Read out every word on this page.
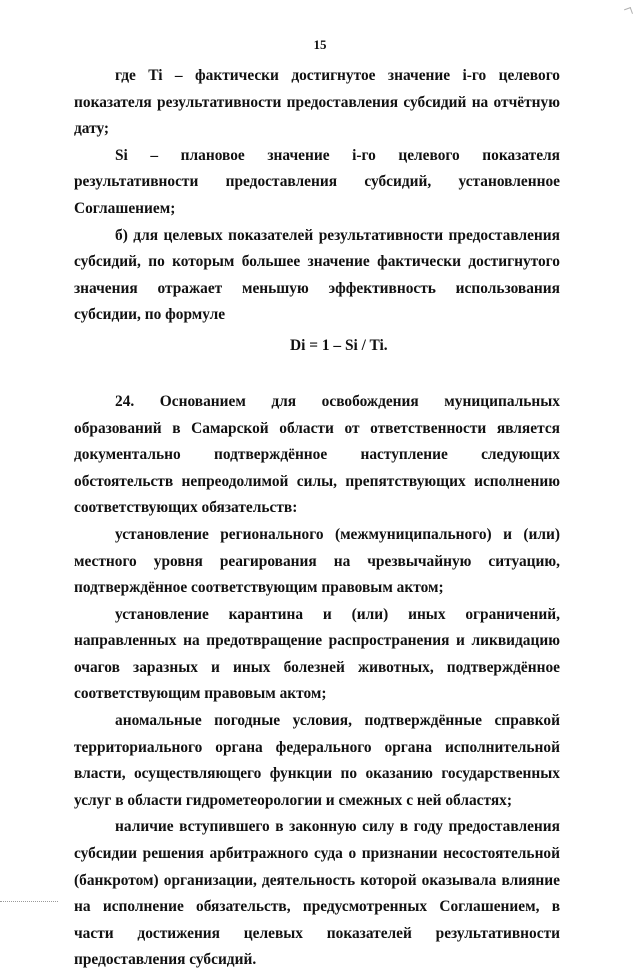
15

где Ti – фактически достигнутое значение i-го целевого показателя результативности предоставления субсидий на отчётную дату;

Si – плановое значение i-го целевого показателя результативности предоставления субсидий, установленное Соглашением;

б) для целевых показателей результативности предоставления субсидий, по которым большее значение фактически достигнутого значения отражает меньшую эффективность использования субсидии, по формуле

Di = 1 – Si / Ti.

24. Основанием для освобождения муниципальных образований в Самарской области от ответственности является документально подтверждённое наступление следующих обстоятельств непреодолимой силы, препятствующих исполнению соответствующих обязательств:

установление регионального (межмуниципального) и (или) местного уровня реагирования на чрезвычайную ситуацию, подтверждённое соответствующим правовым актом;

установление карантина и (или) иных ограничений, направленных на предотвращение распространения и ликвидацию очагов заразных и иных болезней животных, подтверждённое соответствующим правовым актом;

аномальные погодные условия, подтверждённые справкой территориального органа федерального органа исполнительной власти, осуществляющего функции по оказанию государственных услуг в области гидрометеорологии и смежных с ней областях;

наличие вступившего в законную силу в году предоставления субсидии решения арбитражного суда о признании несостоятельной (банкротом) организации, деятельность которой оказывала влияние на исполнение обязательств, предусмотренных Соглашением, в части достижения целевых показателей результативности предоставления субсидий.
